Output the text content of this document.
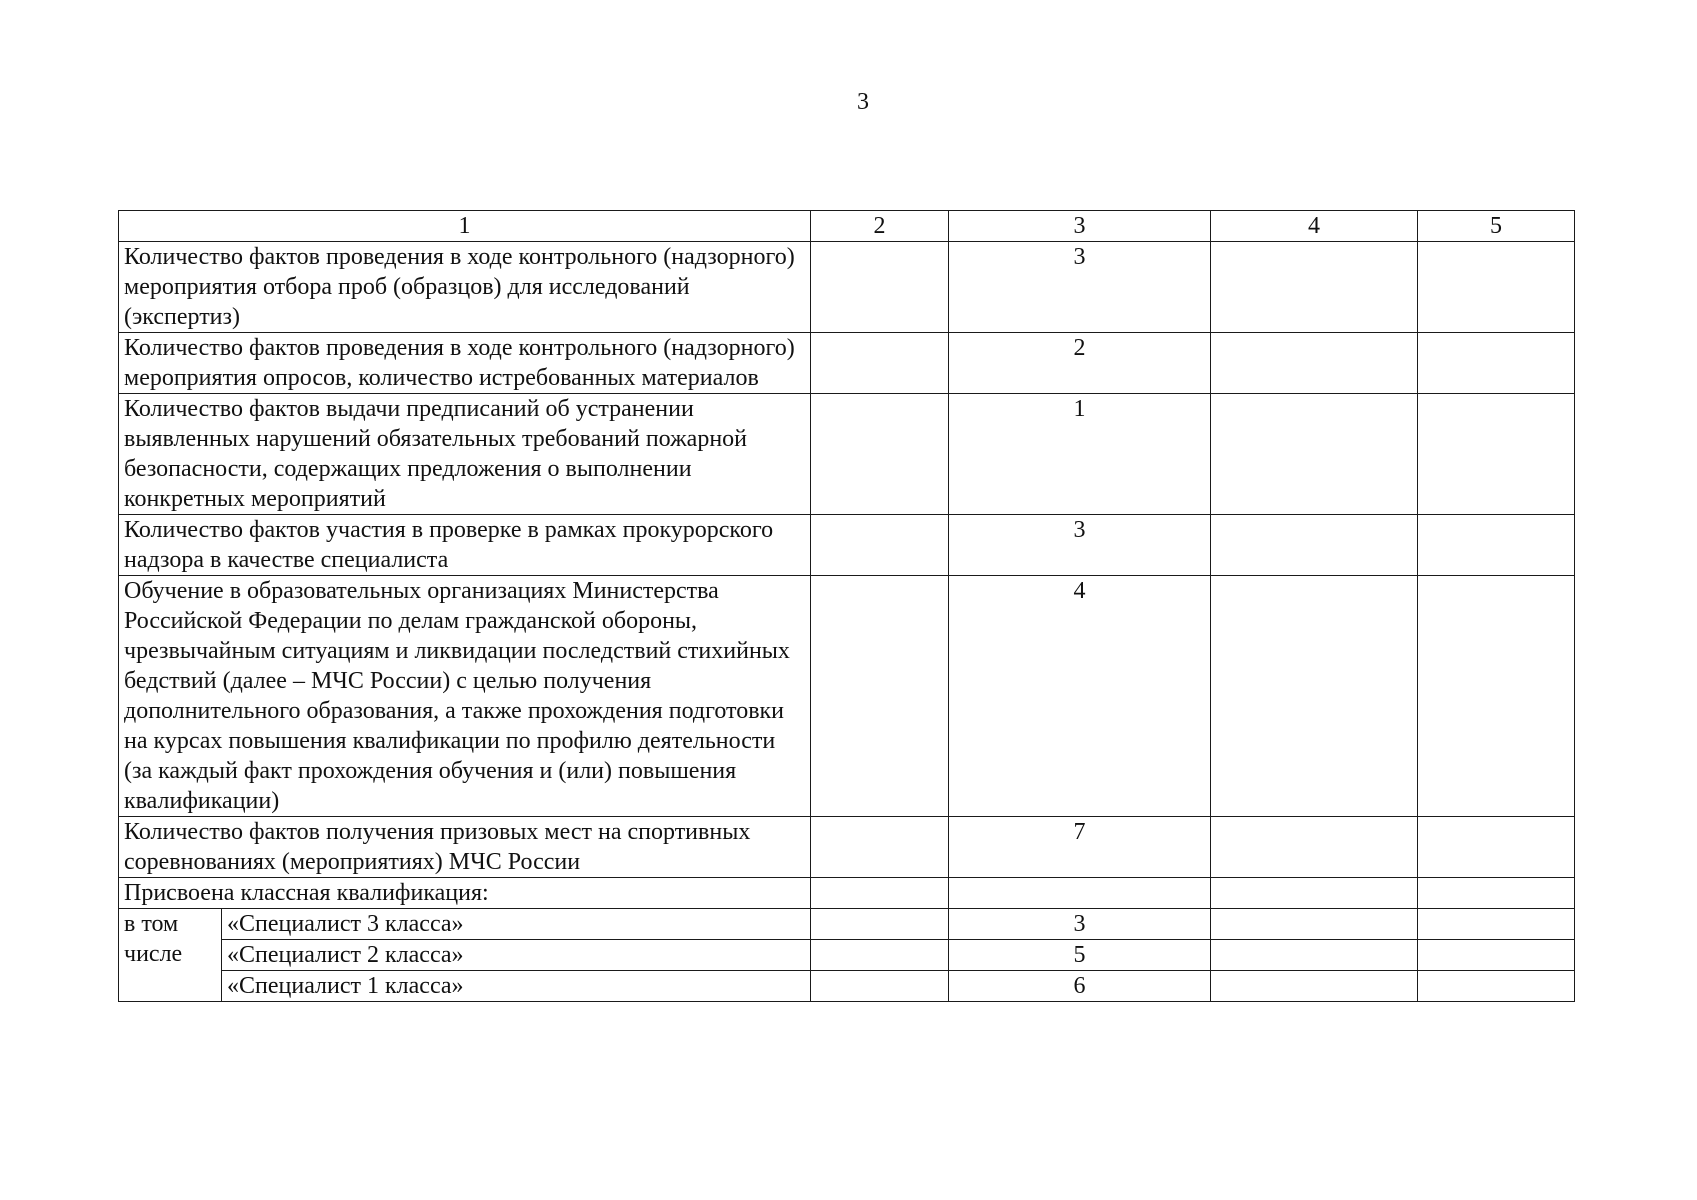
3
1		2	3	4	5
Количество фактов проведения в ходе контрольного (надзорного) мероприятия отбора проб (образцов) для исследований (экспертиз)			3		
Количество фактов проведения в ходе контрольного (надзорного) мероприятия опросов, количество истребованных материалов			2		
Количество фактов выдачи предписаний об устранении выявленных нарушений обязательных требований пожарной безопасности, содержащих предложения о выполнении конкретных мероприятий			1		
Количество фактов участия в проверке в рамках прокурорского надзора в качестве специалиста			3		
Обучение в образовательных организациях Министерства Российской Федерации по делам гражданской обороны, чрезвычайным ситуациям и ликвидации последствий стихийных бедствий (далее – МЧС России) с целью получения дополнительного образования, а также прохождения подготовки на курсах повышения квалификации по профилю деятельности (за каждый факт прохождения обучения и (или) повышения квалификации)			4		
Количество фактов получения призовых мест на спортивных соревнованиях (мероприятиях) МЧС России			7		
Присвоена классная квалификация:					
в том числе	«Специалист 3 класса»		3		
	«Специалист 2 класса»		5		
	«Специалист 1 класса»		6		
